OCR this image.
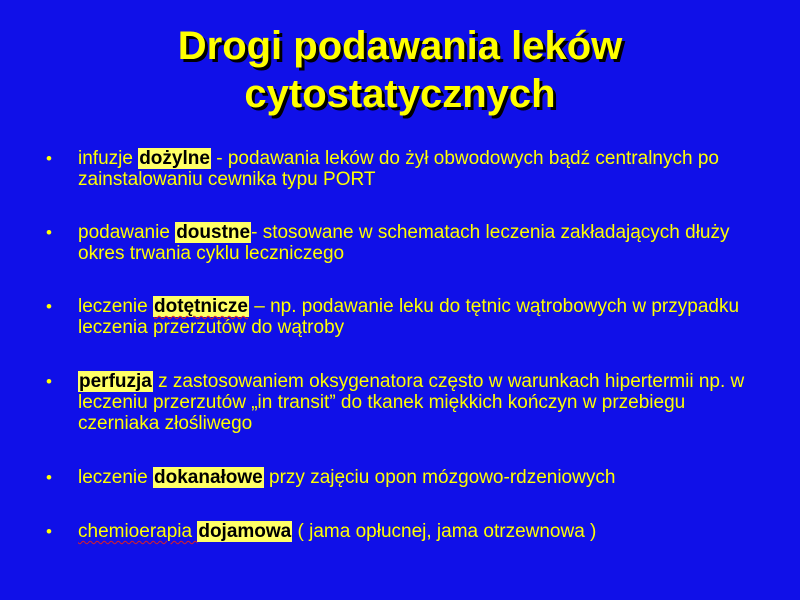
Drogi podawania leków
cytostatycznych
•	infuzje dożylne - podawania leków do żył obwodowych bądź centralnych po zainstalowaniu cewnika typu PORT
•	podawanie doustne- stosowane w schematach leczenia zakładających dłuży okres trwania cyklu leczniczego
•	leczenie dotętnicze – np. podawanie leku do tętnic wątrobowych w przypadku leczenia przerzutów do wątroby
•	perfuzja z zastosowaniem oksygenatora często w warunkach hipertermii np. w leczeniu przerzutów „in transit” do tkanek miękkich kończyn w przebiegu czerniaka złośliwego
•	leczenie dokanałowe przy zajęciu opon mózgowo-rdzeniowych
•	chemioerapia dojamowa ( jama opłucnej, jama otrzewnowa )
